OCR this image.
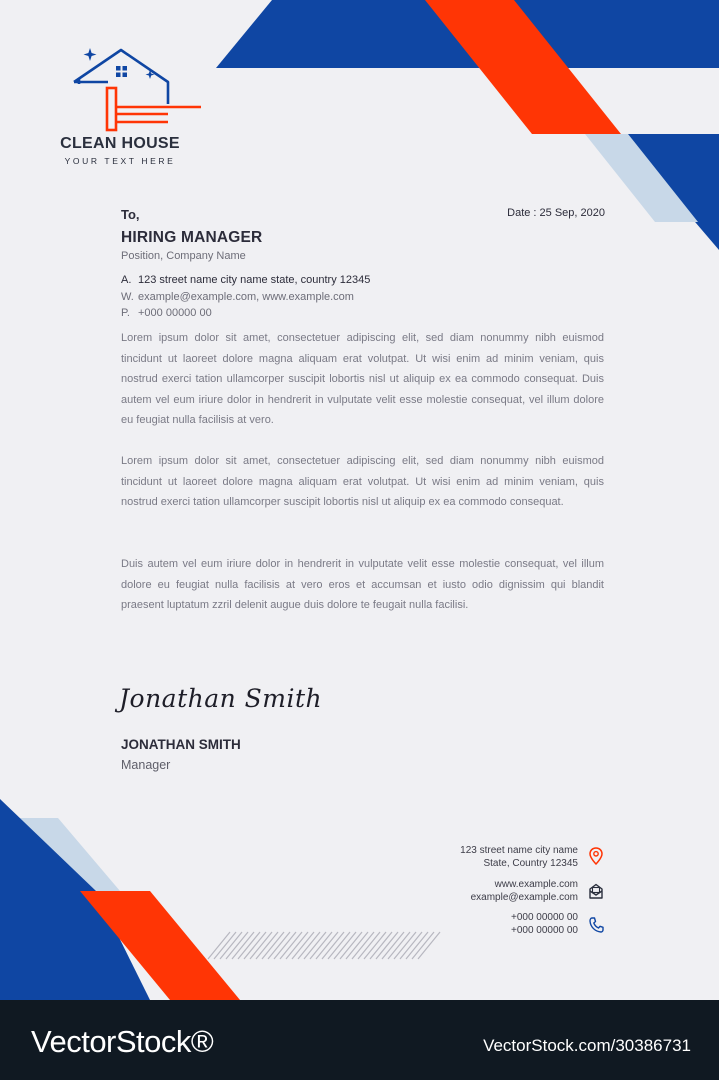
CLEAN HOUSE
YOUR TEXT HERE
To,	Date : 25 Sep, 2020
HIRING MANAGER
Position, Company Name
A. 123 street name city name state, country 12345
W. example@example.com, www.example.com
P. +000 00000 00

Lorem ipsum dolor sit amet, consectetuer adipiscing elit, sed diam nonummy nibh euismod tincidunt ut laoreet dolore magna aliquam erat volutpat. Ut wisi enim ad minim veniam, quis nostrud exerci tation ullamcorper suscipit lobortis nisl ut aliquip ex ea commodo consequat. Duis autem vel eum iriure dolor in hendrerit in vulputate velit esse molestie consequat, vel illum dolore eu feugiat nulla facilisis at vero.

Lorem ipsum dolor sit amet, consectetuer adipiscing elit, sed diam nonummy nibh euismod tincidunt ut laoreet dolore magna aliquam erat volutpat. Ut wisi enim ad minim veniam, quis nostrud exerci tation ullamcorper suscipit lobortis nisl ut aliquip ex ea commodo consequat.

Duis autem vel eum iriure dolor in hendrerit in vulputate velit esse molestie consequat, vel illum dolore eu feugiat nulla facilisis at vero eros et accumsan et iusto odio dignissim qui blandit praesent luptatum zzril delenit augue duis dolore te feugait nulla facilisi.

Jonathan Smith
JONATHAN SMITH
Manager
123 street name city name
State, Country 12345
www.example.com
example@example.com
+000 00000 00
+000 00000 00
VectorStock®	VectorStock.com/30386731
